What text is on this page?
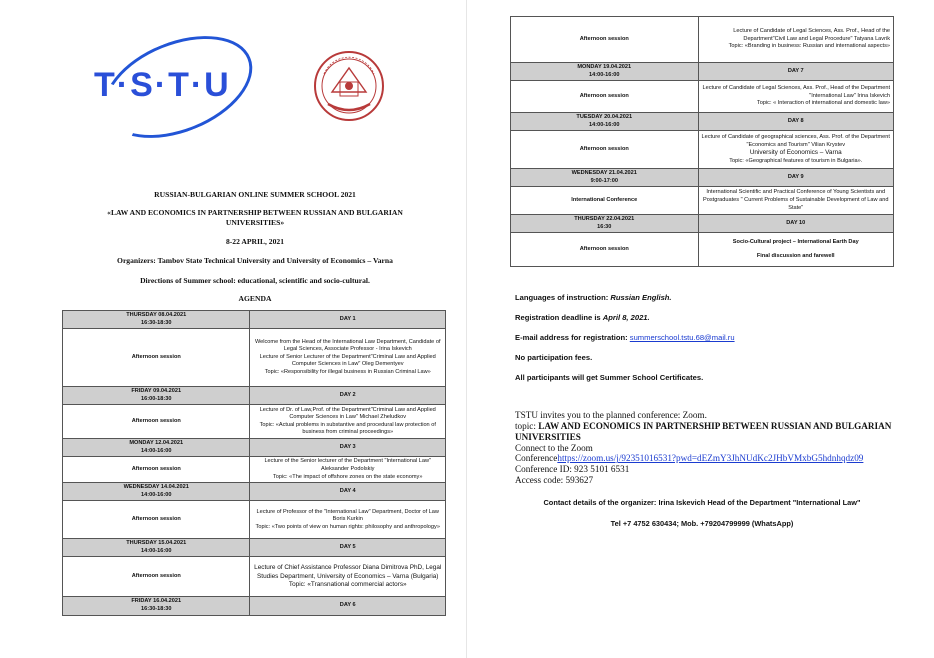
T·S·T·U
RUSSIAN-BULGARIAN ONLINE SUMMER SCHOOL 2021
«LAW AND ECONOMICS IN PARTNERSHIP BETWEEN RUSSIAN AND BULGARIAN UNIVERSITIES»
8-22 APRIL, 2021
Organizers: Tambov State Technical University and University of Economics – Varna
Directions of Summer school: educational, scientific and socio-cultural.
AGENDA
THURSDAY 08.04.2021
16:30-18:30	DAY 1
Afternoon session	Welcome from the Head of the International Law Department, Candidate of Legal Sciences, Associate Professor - Irina Iskevich
Lecture of Senior Lecturer of the Department"Criminal Law and Applied Computer Sciences in Law" Oleg Dementyev
Topic: «Responsibility for illegal business in Russian Criminal Law»

FRIDAY 09.04.2021
16:00-18:30	DAY 2
Afternoon session	Lecture of Dr. of Law,Prof. of the Department"Criminal Law and Applied Computer Sciences in Law" Michael Zheludkov
Topic: «Actual problems in substantive and procedural law protection of business from criminal proceedings»

MONDAY 12.04.2021
14:00-16:00	DAY 3
Afternoon session	Lecture of the Senior lecturer of the Department "International Law" Aleksander Podolskiy
Topic: «The impact of offshore zones on the state economy»

WEDNESDAY 14.04.2021
14:00-16:00	DAY 4
Afternoon session	Lecture of Professor of the "International Law" Department, Doctor of Law Boris Kurkin
Topic: «Two points of view on human rights: philosophy and anthropology»

THURSDAY 15.04.2021
14:00-16:00	DAY 5
Afternoon session	Lecture of Chief Assistance Professor Diana Dimitrova PhD, Legal Studies Department, University of Economics – Varna (Bulgaria)
Topic: «Transnational commercial actors»

FRIDAY 16.04.2021
16:30-18:30	DAY 6
Afternoon session	Lecture of Candidate of Legal Sciences, Ass. Prof., Head of the Department"Civil Law and Legal Procedure" Tatyana Lavrik
Topic: «Branding in business: Russian and international aspects»

MONDAY 19.04.2021
14:00-16:00	DAY 7
Afternoon session	Lecture of Candidate of Legal Sciences, Ass. Prof., Head of the Department "International Law" Irina Iskevich
Topic: « Interaction of international and domestic law»

TUESDAY 20.04.2021
14:00-16:00	DAY 8
Afternoon session	Lecture of Candidate of geographical sciences, Ass. Prof. of the Department "Economics and Tourism" Vilian Krystev
University of Economics – Varna
Topic: «Geographical features of tourism in Bulgaria».

WEDNESDAY 21.04.2021
9:00-17:00	DAY 9
International Conference	International Scientific and Practical Conference of Young Scientists and Postgraduates " Current Problems of Sustainable Development of Law and State"

THURSDAY 22.04.2021
16:30	DAY 10
Afternoon session	Socio-Cultural project – International Earth Day
Final discussion and farewell
Languages of instruction: Russian English.
Registration deadline is April 8, 2021.
E-mail address for registration: summerschool.tstu.68@mail.ru
No participation fees.
All participants will get Summer School Certificates.
TSTU invites you to the planned conference: Zoom.
topic: LAW AND ECONOMICS IN PARTNERSHIP BETWEEN RUSSIAN AND BULGARIAN UNIVERSITIES
Connect to the Zoom
Conferencehttps://zoom.us/j/92351016531?pwd=dEZmY3JhNUdKc2JHbVMxbG5hdnhqdz09
Conference ID: 923 5101 6531
Access code: 593627
Contact details of the organizer: Irina Iskevich Head of the Department "International Law"
Tel +7 4752 630434; Mob. +79204799999 (WhatsApp)
